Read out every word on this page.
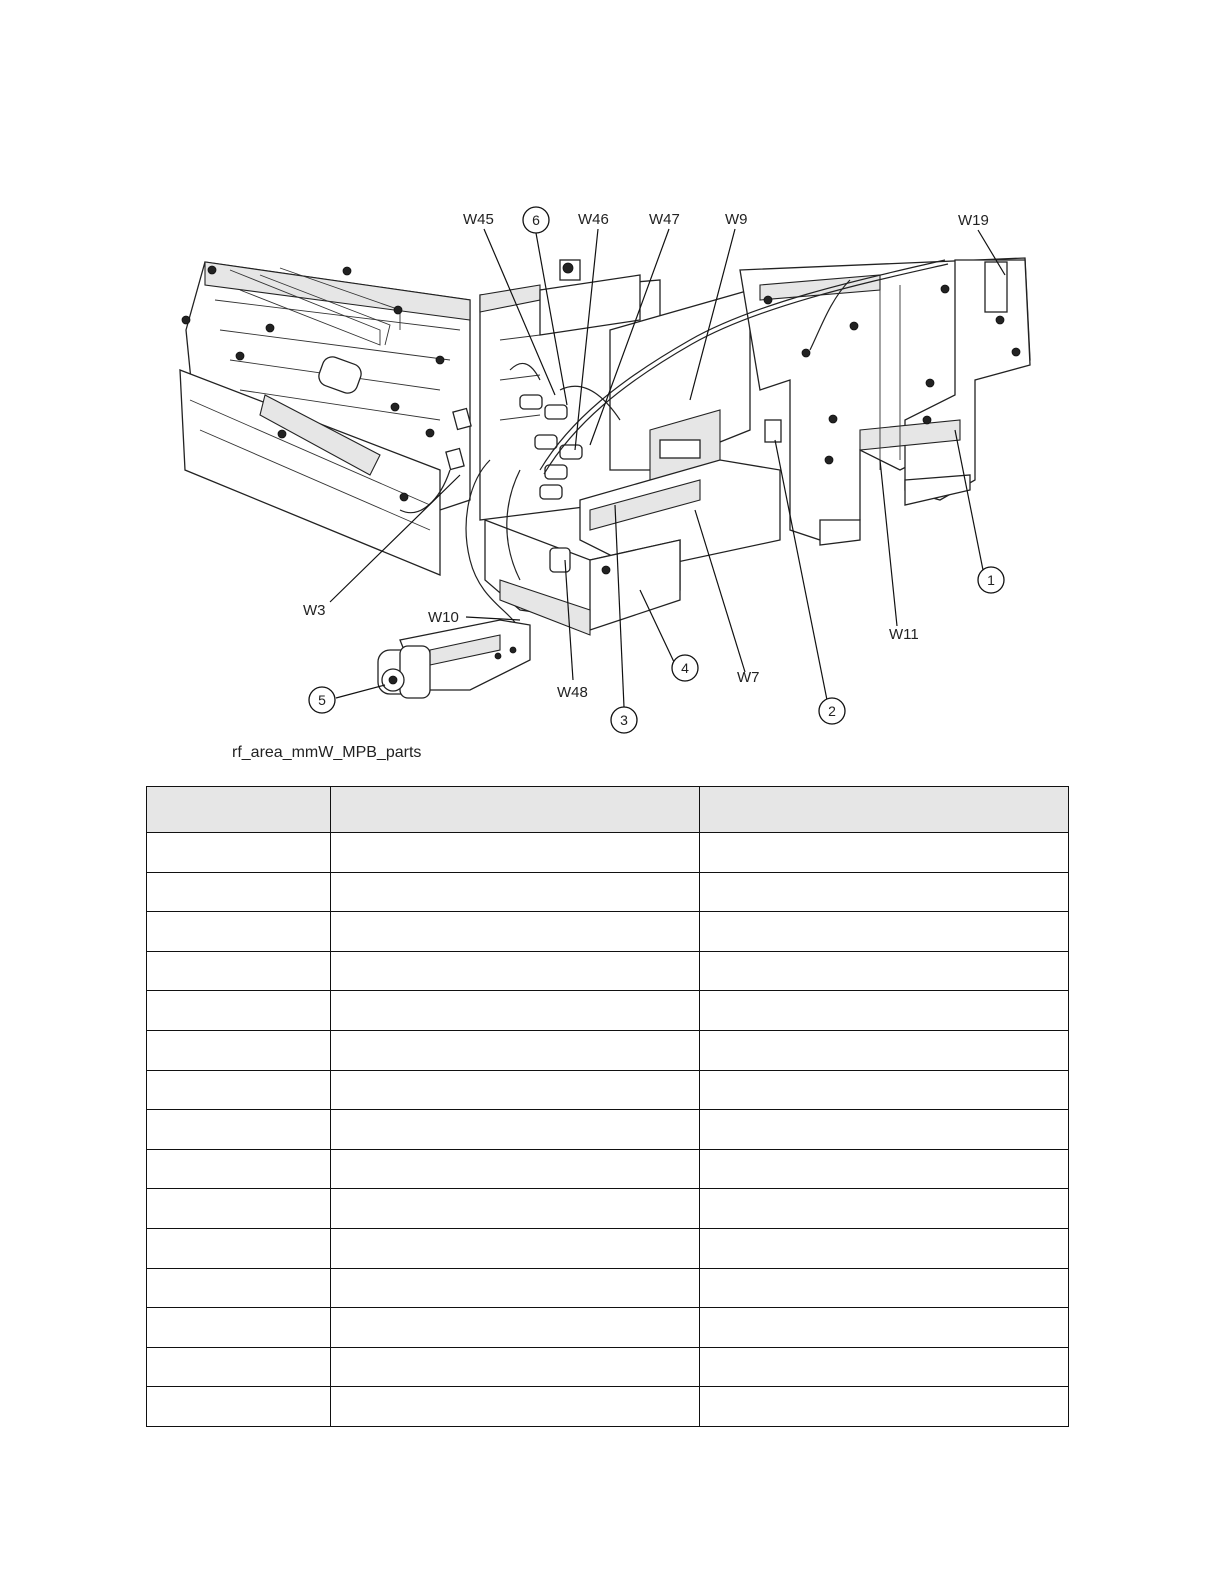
W45	W46	W47	W9	W19
W3	W10
W48
W7
W11
1
2
3
4
5
6
rf_area_mmW_MPB_parts
